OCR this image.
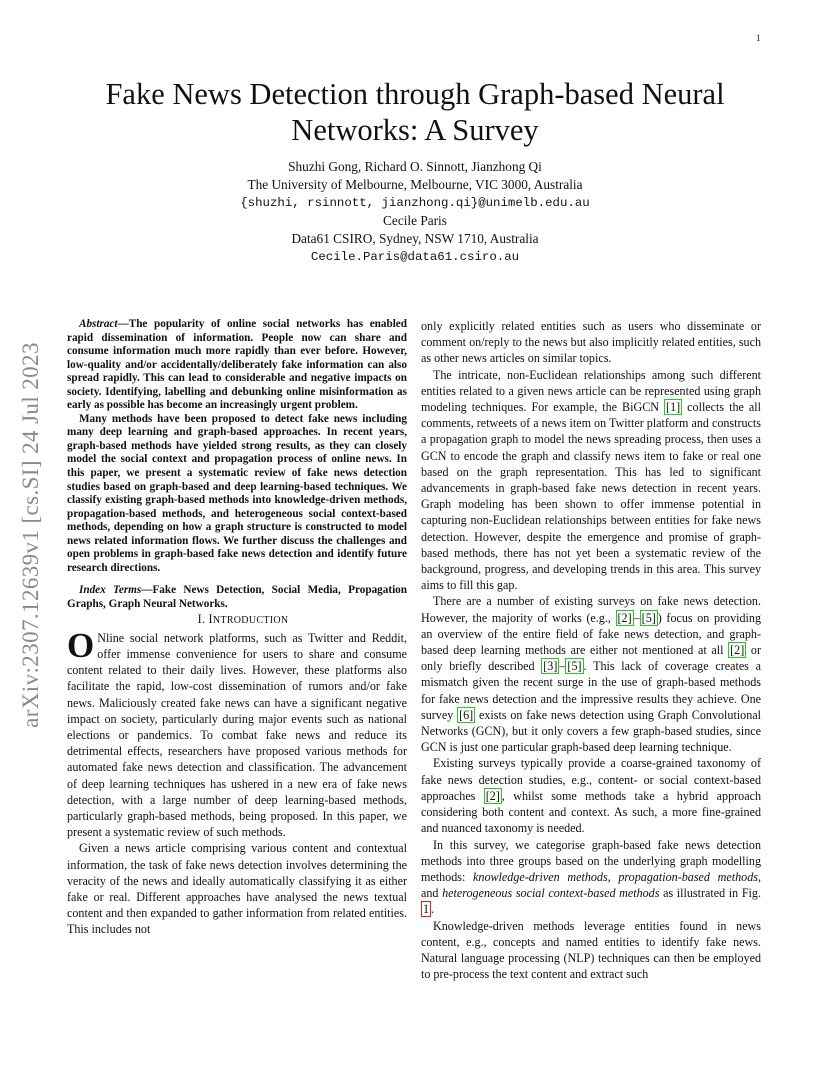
1
arXiv:2307.12639v1 [cs.SI] 24 Jul 2023
Fake News Detection through Graph-based Neural
Networks: A Survey
Shuzhi Gong, Richard O. Sinnott, Jianzhong Qi
The University of Melbourne, Melbourne, VIC 3000, Australia
{shuzhi, rsinnott, jianzhong.qi}@unimelb.edu.au
Cecile Paris
Data61 CSIRO, Sydney, NSW 1710, Australia
Cecile.Paris@data61.csiro.au

Abstract—The popularity of online social networks has enabled rapid dissemination of information. People now can share and consume information much more rapidly than ever before. However, low-quality and/or accidentally/deliberately fake information can also spread rapidly. This can lead to considerable and negative impacts on society. Identifying, labelling and debunking online misinformation as early as possible has become an increasingly urgent problem.

Many methods have been proposed to detect fake news including many deep learning and graph-based approaches. In recent years, graph-based methods have yielded strong results, as they can closely model the social context and propagation process of online news. In this paper, we present a systematic review of fake news detection studies based on graph-based and deep learning-based techniques. We classify existing graph-based methods into knowledge-driven methods, propagation-based methods, and heterogeneous social context-based methods, depending on how a graph structure is constructed to model news related information flows. We further discuss the challenges and open problems in graph-based fake news detection and identify future research directions.

Index Terms—Fake News Detection, Social Media, Propagation Graphs, Graph Neural Networks.

I. INTRODUCTION

O Nline social network platforms, such as Twitter and Reddit, offer immense convenience for users to share and consume content related to their daily lives. However, these platforms also facilitate the rapid, low-cost dissemination of rumors and/or fake news. Maliciously created fake news can have a significant negative impact on society, particularly during major events such as national elections or pandemics. To combat fake news and reduce its detrimental effects, researchers have proposed various methods for automated fake news detection and classification. The advancement of deep learning techniques has ushered in a new era of fake news detection, with a large number of deep learning-based methods, particularly graph-based methods, being proposed. In this paper, we present a systematic review of such methods.

Given a news article comprising various content and contextual information, the task of fake news detection involves determining the veracity of the news and ideally automatically classifying it as either fake or real. Different approaches have analysed the news textual content and then expanded to gather information from related entities. This includes not

only explicitly related entities such as users who disseminate or comment on/reply to the news but also implicitly related entities, such as other news articles on similar topics.

The intricate, non-Euclidean relationships among such different entities related to a given news article can be represented using graph modeling techniques. For example, the BiGCN [1] collects the all comments, retweets of a news item on Twitter platform and constructs a propagation graph to model the news spreading process, then uses a GCN to encode the graph and classify news item to fake or real one based on the graph representation. This has led to significant advancements in graph-based fake news detection in recent years. Graph modeling has been shown to offer immense potential in capturing non-Euclidean relationships between entities for fake news detection. However, despite the emergence and promise of graph-based methods, there has not yet been a systematic review of the background, progress, and developing trends in this area. This survey aims to fill this gap.

There are a number of existing surveys on fake news detection. However, the majority of works (e.g., [2] – [5] ) focus on providing an overview of the entire field of fake news detection, and graph-based deep learning methods are either not mentioned at all [2] or only briefly described [3] – [5] . This lack of coverage creates a mismatch given the recent surge in the use of graph-based methods for fake news detection and the impressive results they achieve. One survey [6] exists on fake news detection using Graph Convolutional Networks (GCN), but it only covers a few graph-based studies, since GCN is just one particular graph-based deep learning technique.

Existing surveys typically provide a coarse-grained taxonomy of fake news detection studies, e.g., content- or social context-based approaches [2] , whilst some methods take a hybrid approach considering both content and context. As such, a more fine-grained and nuanced taxonomy is needed.

In this survey, we categorise graph-based fake news detection methods into three groups based on the underlying graph modelling methods: knowledge-driven methods, propagation-based methods, and heterogeneous social context-based methods as illustrated in Fig. 1 .

Knowledge-driven methods leverage entities found in news content, e.g., concepts and named entities to identify fake news. Natural language processing (NLP) techniques can then be employed to pre-process the text content and extract such
